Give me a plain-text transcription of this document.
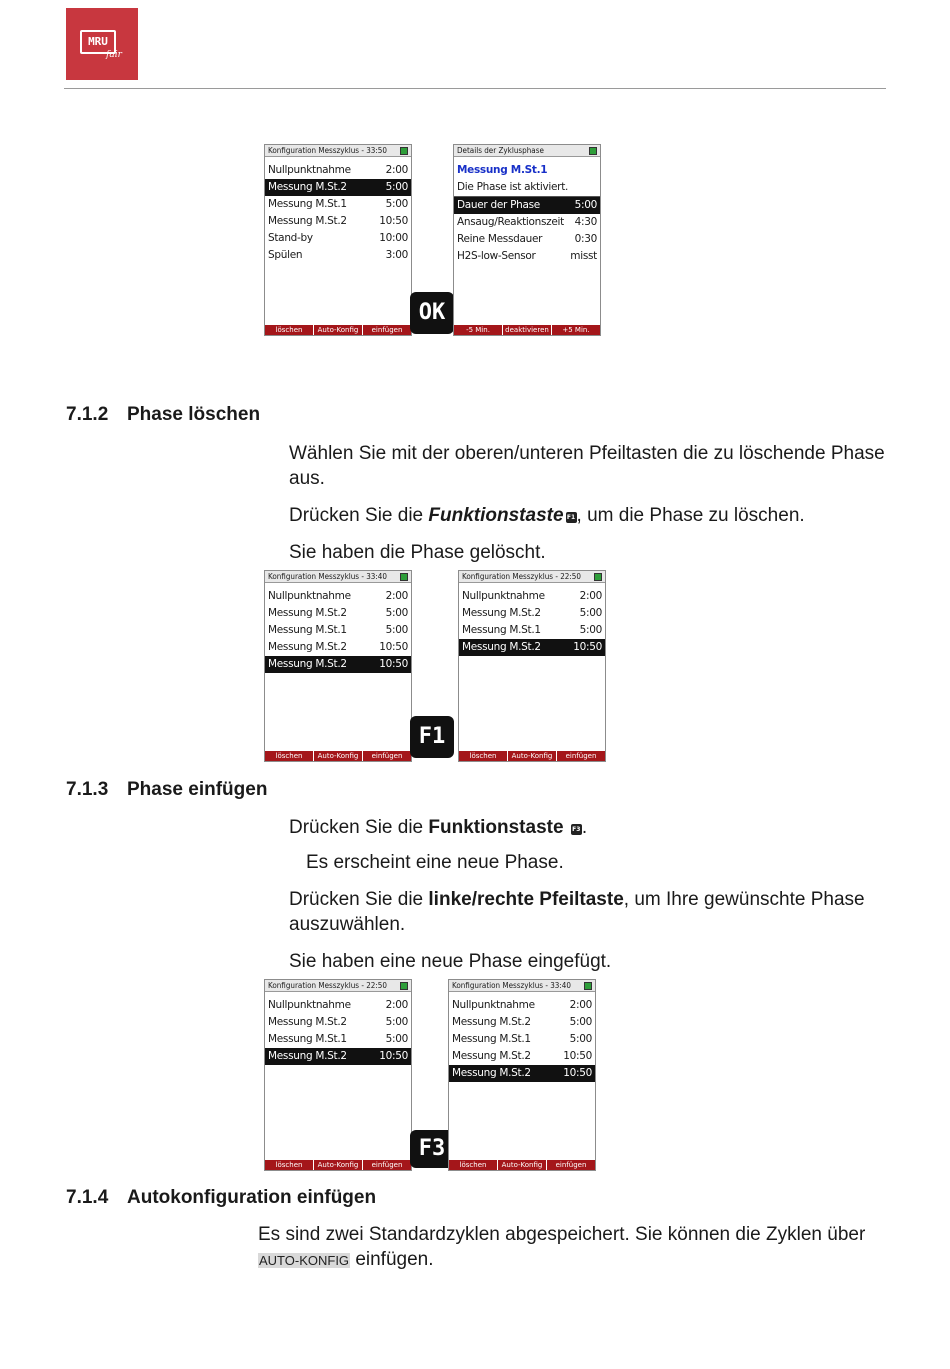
MRU
fair
Konfiguration Messzyklus - 33:50
Nullpunktnahme	2:00
Messung M.St.2	5:00
Messung M.St.1	5:00
Messung M.St.2	10:50
Stand-by	10:00
Spülen	3:00
löschen	Auto-Konfig	einfügen
OK
Details der Zyklusphase
Messung M.St.1
Die Phase ist aktiviert.
Dauer der Phase	5:00
Ansaug/Reaktionszeit 4:30
Reine Messdauer	0:30
H2S-low-Sensor	misst
-5 Min.	deaktivieren	+5 Min.
7.1.2 Phase löschen
Wählen Sie mit der oberen/unteren Pfeiltasten die zu löschende Phase aus.
Drücken Sie die Funktionstaste F1, um die Phase zu löschen.
Sie haben die Phase gelöscht.
Konfiguration Messzyklus - 33:40
Nullpunktnahme	2:00
Messung M.St.2	5:00
Messung M.St.1	5:00
Messung M.St.2	10:50
Messung M.St.2	10:50
löschen	Auto-Konfig	einfügen
F1
Konfiguration Messzyklus - 22:50
Nullpunktnahme	2:00
Messung M.St.2	5:00
Messung M.St.1	5:00
Messung M.St.2	10:50
löschen	Auto-Konfig	einfügen
7.1.3 Phase einfügen
Drücken Sie die Funktionstaste F3.
Es erscheint eine neue Phase.
Drücken Sie die linke/rechte Pfeiltaste, um Ihre gewünschte Phase auszuwählen.
Sie haben eine neue Phase eingefügt.
Konfiguration Messzyklus - 22:50
Nullpunktnahme	2:00
Messung M.St.2	5:00
Messung M.St.1	5:00
Messung M.St.2	10:50
löschen	Auto-Konfig	einfügen
F3
Konfiguration Messzyklus - 33:40
Nullpunktnahme	2:00
Messung M.St.2	5:00
Messung M.St.1	5:00
Messung M.St.2	10:50
Messung M.St.2	10:50
löschen	Auto-Konfig	einfügen
7.1.4 Autokonfiguration einfügen
Es sind zwei Standardzyklen abgespeichert. Sie können die Zyklen über
AUTO-KONFIG einfügen.
